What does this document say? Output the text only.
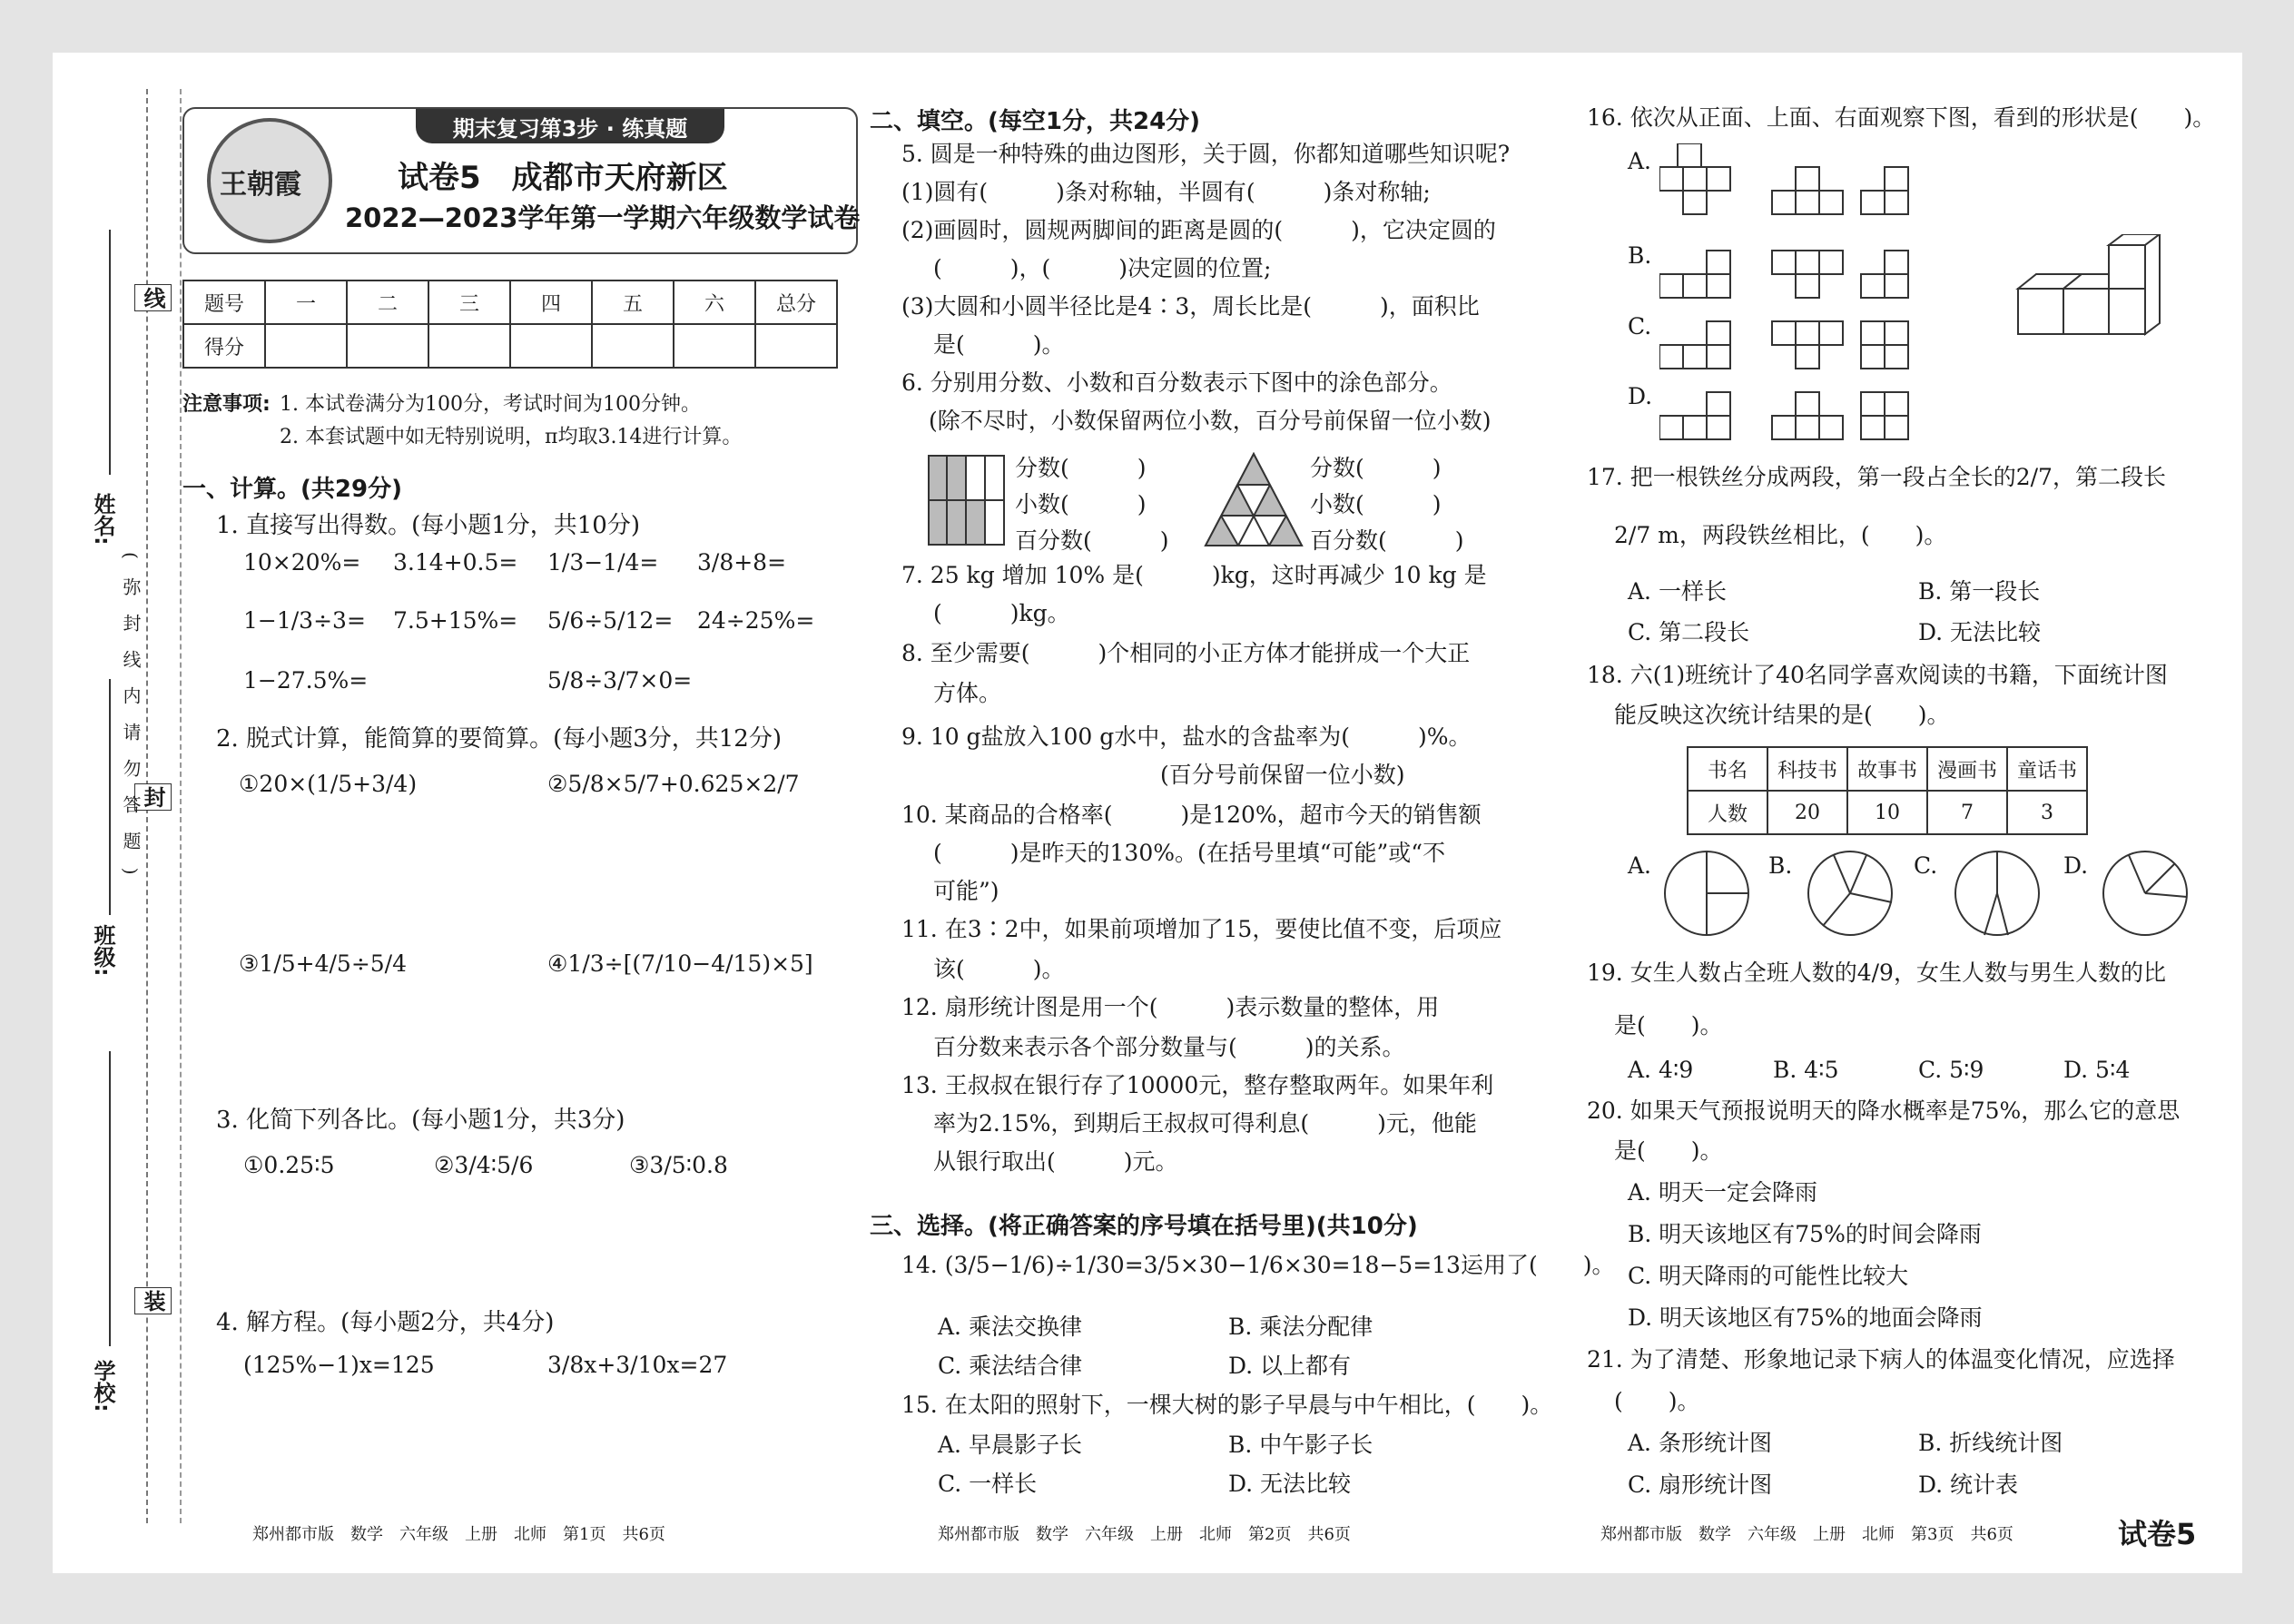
线
封
装
(　弥　封　线　内　请　勿　答　题　)
姓名:
班级:
学校:
期末复习第3步 · 练真题
王朝霞	试卷5　成都市天府新区
2022—2023学年第一学期六年级数学试卷
题号	一	二	三	四	五	六	总分
得分							
注意事项: 1. 本试卷满分为100分，考试时间为100分钟。
2. 本套试题中如无特别说明，π均取3.14进行计算。
一、计算。(共29分)
1. 直接写出得数。(每小题1分，共10分)
10×20%= 3.14+0.5= 1/3−1/4= 3/8+8=
1−1/3÷3= 7.5+15%= 5/6÷5/12= 24÷25%=
1−27.5%=	5/8÷3/7×0=
2. 脱式计算，能简算的要简算。(每小题3分，共12分)
①20×(1/5+3/4)	②5/8×5/7+0.625×2/7
③1/5+4/5÷5/4	④1/3÷[(7/10−4/15)×5]
3. 化简下列各比。(每小题1分，共3分)
①0.25∶5	②3/4∶5/6	③3/5∶0.8
4. 解方程。(每小题2分，共4分)
(125%−1)x=125	3/8x+3/10x=27
二、填空。(每空1分，共24分)
5. 圆是一种特殊的曲边图形，关于圆，你都知道哪些知识呢?
(1)圆有(　　　)条对称轴，半圆有(　　　)条对称轴;
(2)画圆时，圆规两脚间的距离是圆的(　　　)，它决定圆的
(　　　)，(　　　)决定圆的位置;
(3)大圆和小圆半径比是4∶3，周长比是(　　　)，面积比
是(　　　)。
6. 分别用分数、小数和百分数表示下图中的涂色部分。
(除不尽时，小数保留两位小数，百分号前保留一位小数)
7. 25 kg 增加 10% 是(　　　)kg，这时再减少 10 kg 是
(　　　)kg。
8. 至少需要(　　　)个相同的小正方体才能拼成一个大正
方体。
9. 10 g盐放入100 g水中，盐水的含盐率为(　　　)%。
(百分号前保留一位小数)
10. 某商品的合格率(　　　)是120%，超市今天的销售额
(　　　)是昨天的130%。(在括号里填“可能”或“不
可能”)
11. 在3∶2中，如果前项增加了15，要使比值不变，后项应
该(　　　)。
12. 扇形统计图是用一个(　　　)表示数量的整体，用
百分数来表示各个部分数量与(　　　)的关系。
13. 王叔叔在银行存了10000元，整存整取两年。如果年利
率为2.15%，到期后王叔叔可得利息(　　　)元，他能
从银行取出(　　　)元。
分数(　　　)
小数(　　　)
百分数(　　　)
分数(　　　)
小数(　　　)
百分数(　　　)
三、选择。(将正确答案的序号填在括号里)(共10分)
14. (3/5−1/6)÷1/30=3/5×30−1/6×30=18−5=13运用了(　　)。
A. 乘法交换律	B. 乘法分配律
C. 乘法结合律	D. 以上都有
15. 在太阳的照射下，一棵大树的影子早晨与中午相比，(　　)。
A. 早晨影子长	B. 中午影子长
C. 一样长	D. 无法比较
16. 依次从正面、上面、右面观察下图，看到的形状是(　　)。
A.
B.
C.
D.
17. 把一根铁丝分成两段，第一段占全长的2/7，第二段长
2/7 m，两段铁丝相比，(　　)。
A. 一样长	B. 第一段长
C. 第二段长	D. 无法比较
18. 六(1)班统计了40名同学喜欢阅读的书籍，下面统计图
能反映这次统计结果的是(　　)。
书名	科技书	故事书	漫画书	童话书
人数	20	10	7	3
A.	B.	C.	D.
19. 女生人数占全班人数的4/9，女生人数与男生人数的比
是(　　)。
A. 4∶9	B. 4∶5	C. 5∶9	D. 5∶4
20. 如果天气预报说明天的降水概率是75%，那么它的意思
是(　　)。
A. 明天一定会降雨
B. 明天该地区有75%的时间会降雨
C. 明天降雨的可能性比较大
D. 明天该地区有75%的地面会降雨
21. 为了清楚、形象地记录下病人的体温变化情况，应选择
(　　)。
A. 条形统计图	B. 折线统计图
C. 扇形统计图	D. 统计表
郑州都市版　数学　六年级　上册　北师　第1页　共6页	郑州都市版　数学　六年级　上册　北师　第2页　共6页	郑州都市版　数学　六年级　上册　北师　第3页　共6页	试卷5
